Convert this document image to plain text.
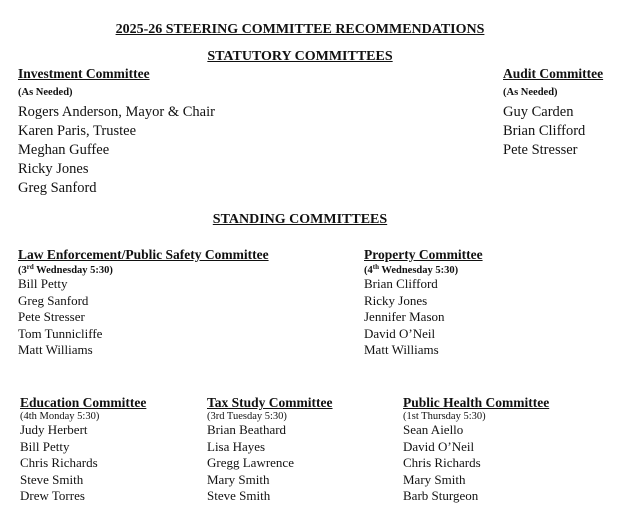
2025-26 STEERING COMMITTEE RECOMMENDATIONS
STATUTORY COMMITTEES
Investment Committee
(As Needed)
Rogers Anderson, Mayor & Chair
Karen Paris, Trustee
Meghan Guffee
Ricky Jones
Greg Sanford
Audit Committee
(As Needed)
Guy Carden
Brian Clifford
Pete Stresser
STANDING COMMITTEES
Law Enforcement/Public Safety Committee
(3rd Wednesday 5:30)
Bill Petty
Greg Sanford
Pete Stresser
Tom Tunnicliffe
Matt Williams
Property Committee
(4th Wednesday 5:30)
Brian Clifford
Ricky Jones
Jennifer Mason
David O’Neil
Matt Williams
Education Committee
(4th Monday 5:30)
Judy Herbert
Bill Petty
Chris Richards
Steve Smith
Drew Torres
Tax Study Committee
(3rd Tuesday 5:30)
Brian Beathard
Lisa Hayes
Gregg Lawrence
Mary Smith
Steve Smith
Public Health Committee
(1st Thursday 5:30)
Sean Aiello
David O’Neil
Chris Richards
Mary Smith
Barb Sturgeon
